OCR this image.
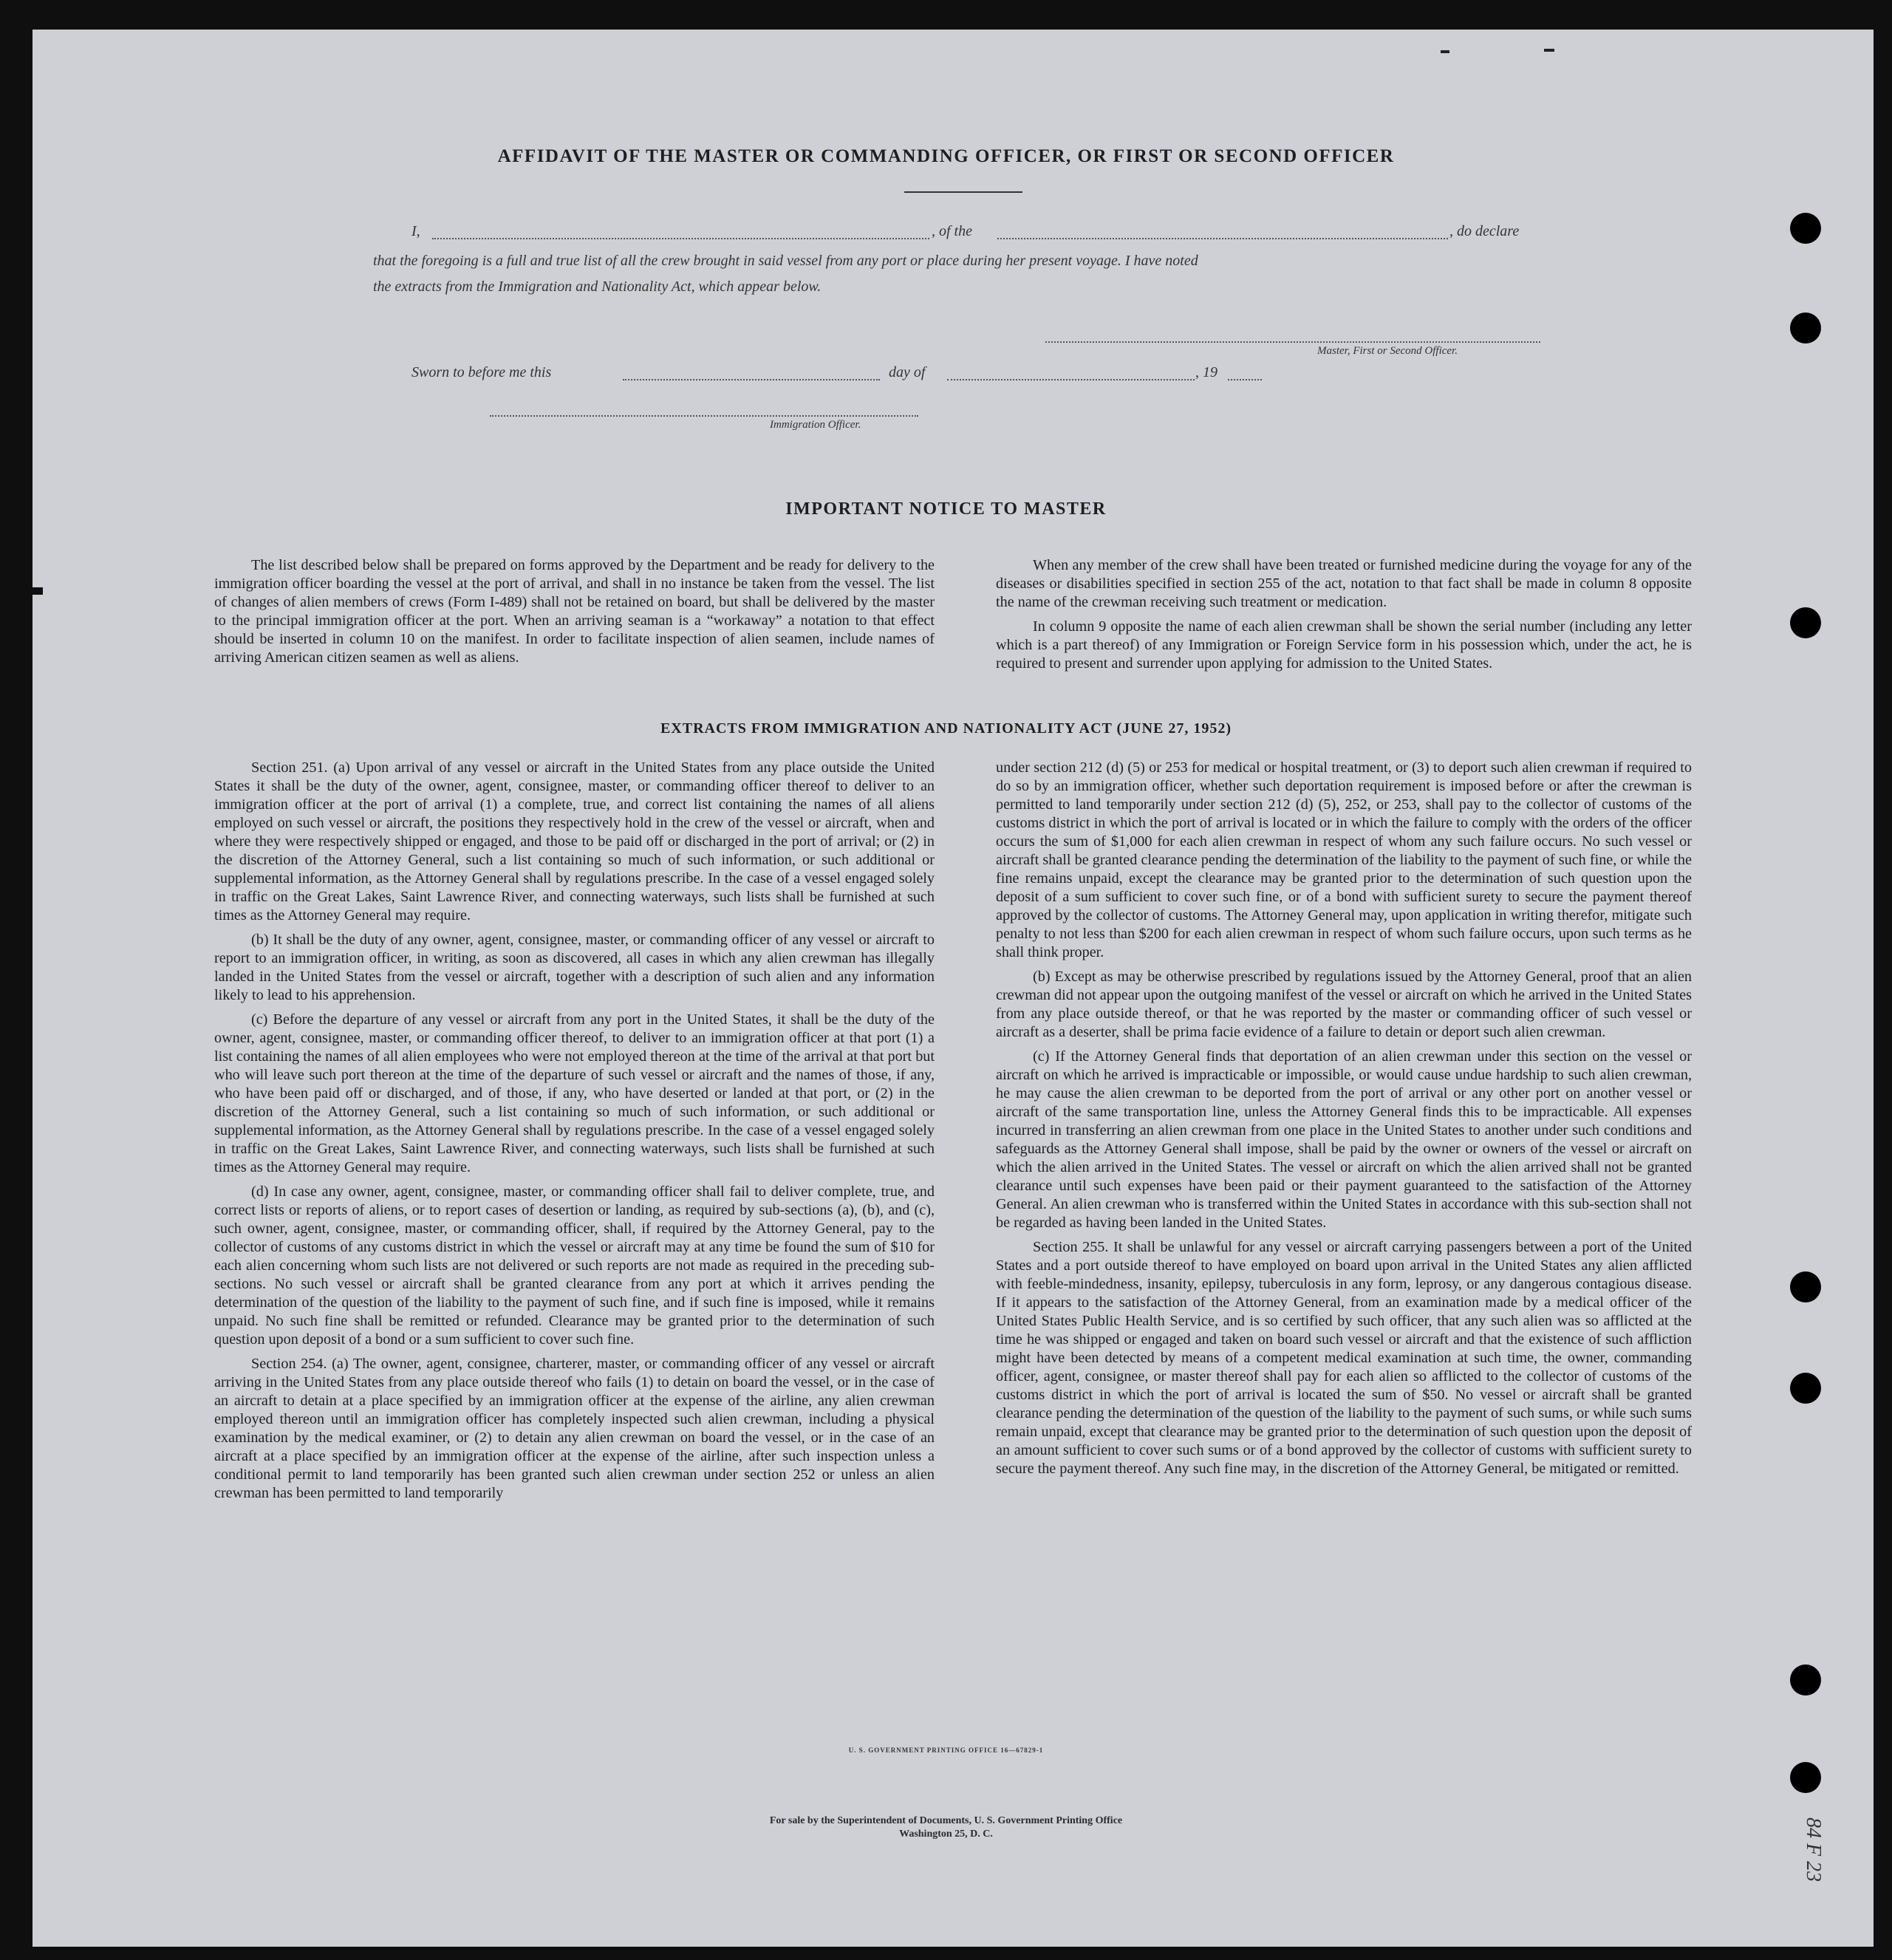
AFFIDAVIT OF THE MASTER OR COMMANDING OFFICER, OR FIRST OR SECOND OFFICER
I,	, of the	, do declare
that the foregoing is a full and true list of all the crew brought in said vessel from any port or place during her present voyage. I have noted
the extracts from the Immigration and Nationality Act, which appear below.
Master, First or Second Officer.
Sworn to before me this	day of	, 19
Immigration Officer.
IMPORTANT NOTICE TO MASTER

The list described below shall be prepared on forms approved by the Department and be ready for delivery to the immigration officer boarding the vessel at the port of arrival, and shall in no instance be taken from the vessel. The list of changes of alien members of crews (Form I-489) shall not be retained on board, but shall be delivered by the master to the principal immigration officer at the port. When an arriving seaman is a “workaway” a notation to that effect should be inserted in column 10 on the manifest. In order to facilitate inspection of alien seamen, include names of arriving American citizen seamen as well as aliens.

When any member of the crew shall have been treated or furnished medicine during the voyage for any of the diseases or disabilities specified in section 255 of the act, notation to that fact shall be made in column 8 opposite the name of the crewman receiving such treatment or medication.

In column 9 opposite the name of each alien crewman shall be shown the serial number (including any letter which is a part thereof) of any Immigration or Foreign Service form in his possession which, under the act, he is required to present and surrender upon applying for admission to the United States.

EXTRACTS FROM IMMIGRATION AND NATIONALITY ACT (JUNE 27, 1952)

Section 251. (a) Upon arrival of any vessel or aircraft in the United States from any place outside the United States it shall be the duty of the owner, agent, consignee, master, or commanding officer thereof to deliver to an immigration officer at the port of arrival (1) a complete, true, and correct list containing the names of all aliens employed on such vessel or aircraft, the positions they respectively hold in the crew of the vessel or aircraft, when and where they were respectively shipped or engaged, and those to be paid off or discharged in the port of arrival; or (2) in the discretion of the Attorney General, such a list containing so much of such information, or such additional or supplemental information, as the Attorney General shall by regulations prescribe. In the case of a vessel engaged solely in traffic on the Great Lakes, Saint Lawrence River, and connecting waterways, such lists shall be furnished at such times as the Attorney General may require.

(b) It shall be the duty of any owner, agent, consignee, master, or commanding officer of any vessel or aircraft to report to an immigration officer, in writing, as soon as discovered, all cases in which any alien crewman has illegally landed in the United States from the vessel or aircraft, together with a description of such alien and any information likely to lead to his apprehension.

(c) Before the departure of any vessel or aircraft from any port in the United States, it shall be the duty of the owner, agent, consignee, master, or commanding officer thereof, to deliver to an immigration officer at that port (1) a list containing the names of all alien employees who were not employed thereon at the time of the arrival at that port but who will leave such port thereon at the time of the departure of such vessel or aircraft and the names of those, if any, who have been paid off or discharged, and of those, if any, who have deserted or landed at that port, or (2) in the discretion of the Attorney General, such a list containing so much of such information, or such additional or supplemental information, as the Attorney General shall by regulations prescribe. In the case of a vessel engaged solely in traffic on the Great Lakes, Saint Lawrence River, and connecting waterways, such lists shall be furnished at such times as the Attorney General may require.

(d) In case any owner, agent, consignee, master, or commanding officer shall fail to deliver complete, true, and correct lists or reports of aliens, or to report cases of desertion or landing, as required by sub-sections (a), (b), and (c), such owner, agent, consignee, master, or commanding officer, shall, if required by the Attorney General, pay to the collector of customs of any customs district in which the vessel or aircraft may at any time be found the sum of $10 for each alien concerning whom such lists are not delivered or such reports are not made as required in the preceding sub-sections. No such vessel or aircraft shall be granted clearance from any port at which it arrives pending the determination of the question of the liability to the payment of such fine, and if such fine is imposed, while it remains unpaid. No such fine shall be remitted or refunded. Clearance may be granted prior to the determination of such question upon deposit of a bond or a sum sufficient to cover such fine.

Section 254. (a) The owner, agent, consignee, charterer, master, or commanding officer of any vessel or aircraft arriving in the United States from any place outside thereof who fails (1) to detain on board the vessel, or in the case of an aircraft to detain at a place specified by an immigration officer at the expense of the airline, any alien crewman employed thereon until an immigration officer has completely inspected such alien crewman, including a physical examination by the medical examiner, or (2) to detain any alien crewman on board the vessel, or in the case of an aircraft at a place specified by an immigration officer at the expense of the airline, after such inspection unless a conditional permit to land temporarily has been granted such alien crewman under section 252 or unless an alien crewman has been permitted to land temporarily

under section 212 (d) (5) or 253 for medical or hospital treatment, or (3) to deport such alien crewman if required to do so by an immigration officer, whether such deportation requirement is imposed before or after the crewman is permitted to land temporarily under section 212 (d) (5), 252, or 253, shall pay to the collector of customs of the customs district in which the port of arrival is located or in which the failure to comply with the orders of the officer occurs the sum of $1,000 for each alien crewman in respect of whom any such failure occurs. No such vessel or aircraft shall be granted clearance pending the determination of the liability to the payment of such fine, or while the fine remains unpaid, except the clearance may be granted prior to the determination of such question upon the deposit of a sum sufficient to cover such fine, or of a bond with sufficient surety to secure the payment thereof approved by the collector of customs. The Attorney General may, upon application in writing therefor, mitigate such penalty to not less than $200 for each alien crewman in respect of whom such failure occurs, upon such terms as he shall think proper.

(b) Except as may be otherwise prescribed by regulations issued by the Attorney General, proof that an alien crewman did not appear upon the outgoing manifest of the vessel or aircraft on which he arrived in the United States from any place outside thereof, or that he was reported by the master or commanding officer of such vessel or aircraft as a deserter, shall be prima facie evidence of a failure to detain or deport such alien crewman.

(c) If the Attorney General finds that deportation of an alien crewman under this section on the vessel or aircraft on which he arrived is impracticable or impossible, or would cause undue hardship to such alien crewman, he may cause the alien crewman to be deported from the port of arrival or any other port on another vessel or aircraft of the same transportation line, unless the Attorney General finds this to be impracticable. All expenses incurred in transferring an alien crewman from one place in the United States to another under such conditions and safeguards as the Attorney General shall impose, shall be paid by the owner or owners of the vessel or aircraft on which the alien arrived in the United States. The vessel or aircraft on which the alien arrived shall not be granted clearance until such expenses have been paid or their payment guaranteed to the satisfaction of the Attorney General. An alien crewman who is transferred within the United States in accordance with this sub-section shall not be regarded as having been landed in the United States.

Section 255. It shall be unlawful for any vessel or aircraft carrying passengers between a port of the United States and a port outside thereof to have employed on board upon arrival in the United States any alien afflicted with feeble-mindedness, insanity, epilepsy, tuberculosis in any form, leprosy, or any dangerous contagious disease. If it appears to the satisfaction of the Attorney General, from an examination made by a medical officer of the United States Public Health Service, and is so certified by such officer, that any such alien was so afflicted at the time he was shipped or engaged and taken on board such vessel or aircraft and that the existence of such affliction might have been detected by means of a competent medical examination at such time, the owner, commanding officer, agent, consignee, or master thereof shall pay for each alien so afflicted to the collector of customs of the customs district in which the port of arrival is located the sum of $50. No vessel or aircraft shall be granted clearance pending the determination of the question of the liability to the payment of such sums, or while such sums remain unpaid, except that clearance may be granted prior to the determination of such question upon the deposit of an amount sufficient to cover such sums or of a bond approved by the collector of customs with sufficient surety to secure the payment thereof. Any such fine may, in the discretion of the Attorney General, be mitigated or remitted.

U. S. GOVERNMENT PRINTING OFFICE 16—67829-1
For sale by the Superintendent of Documents, U. S. Government Printing Office
Washington 25, D. C.	84 F 23
